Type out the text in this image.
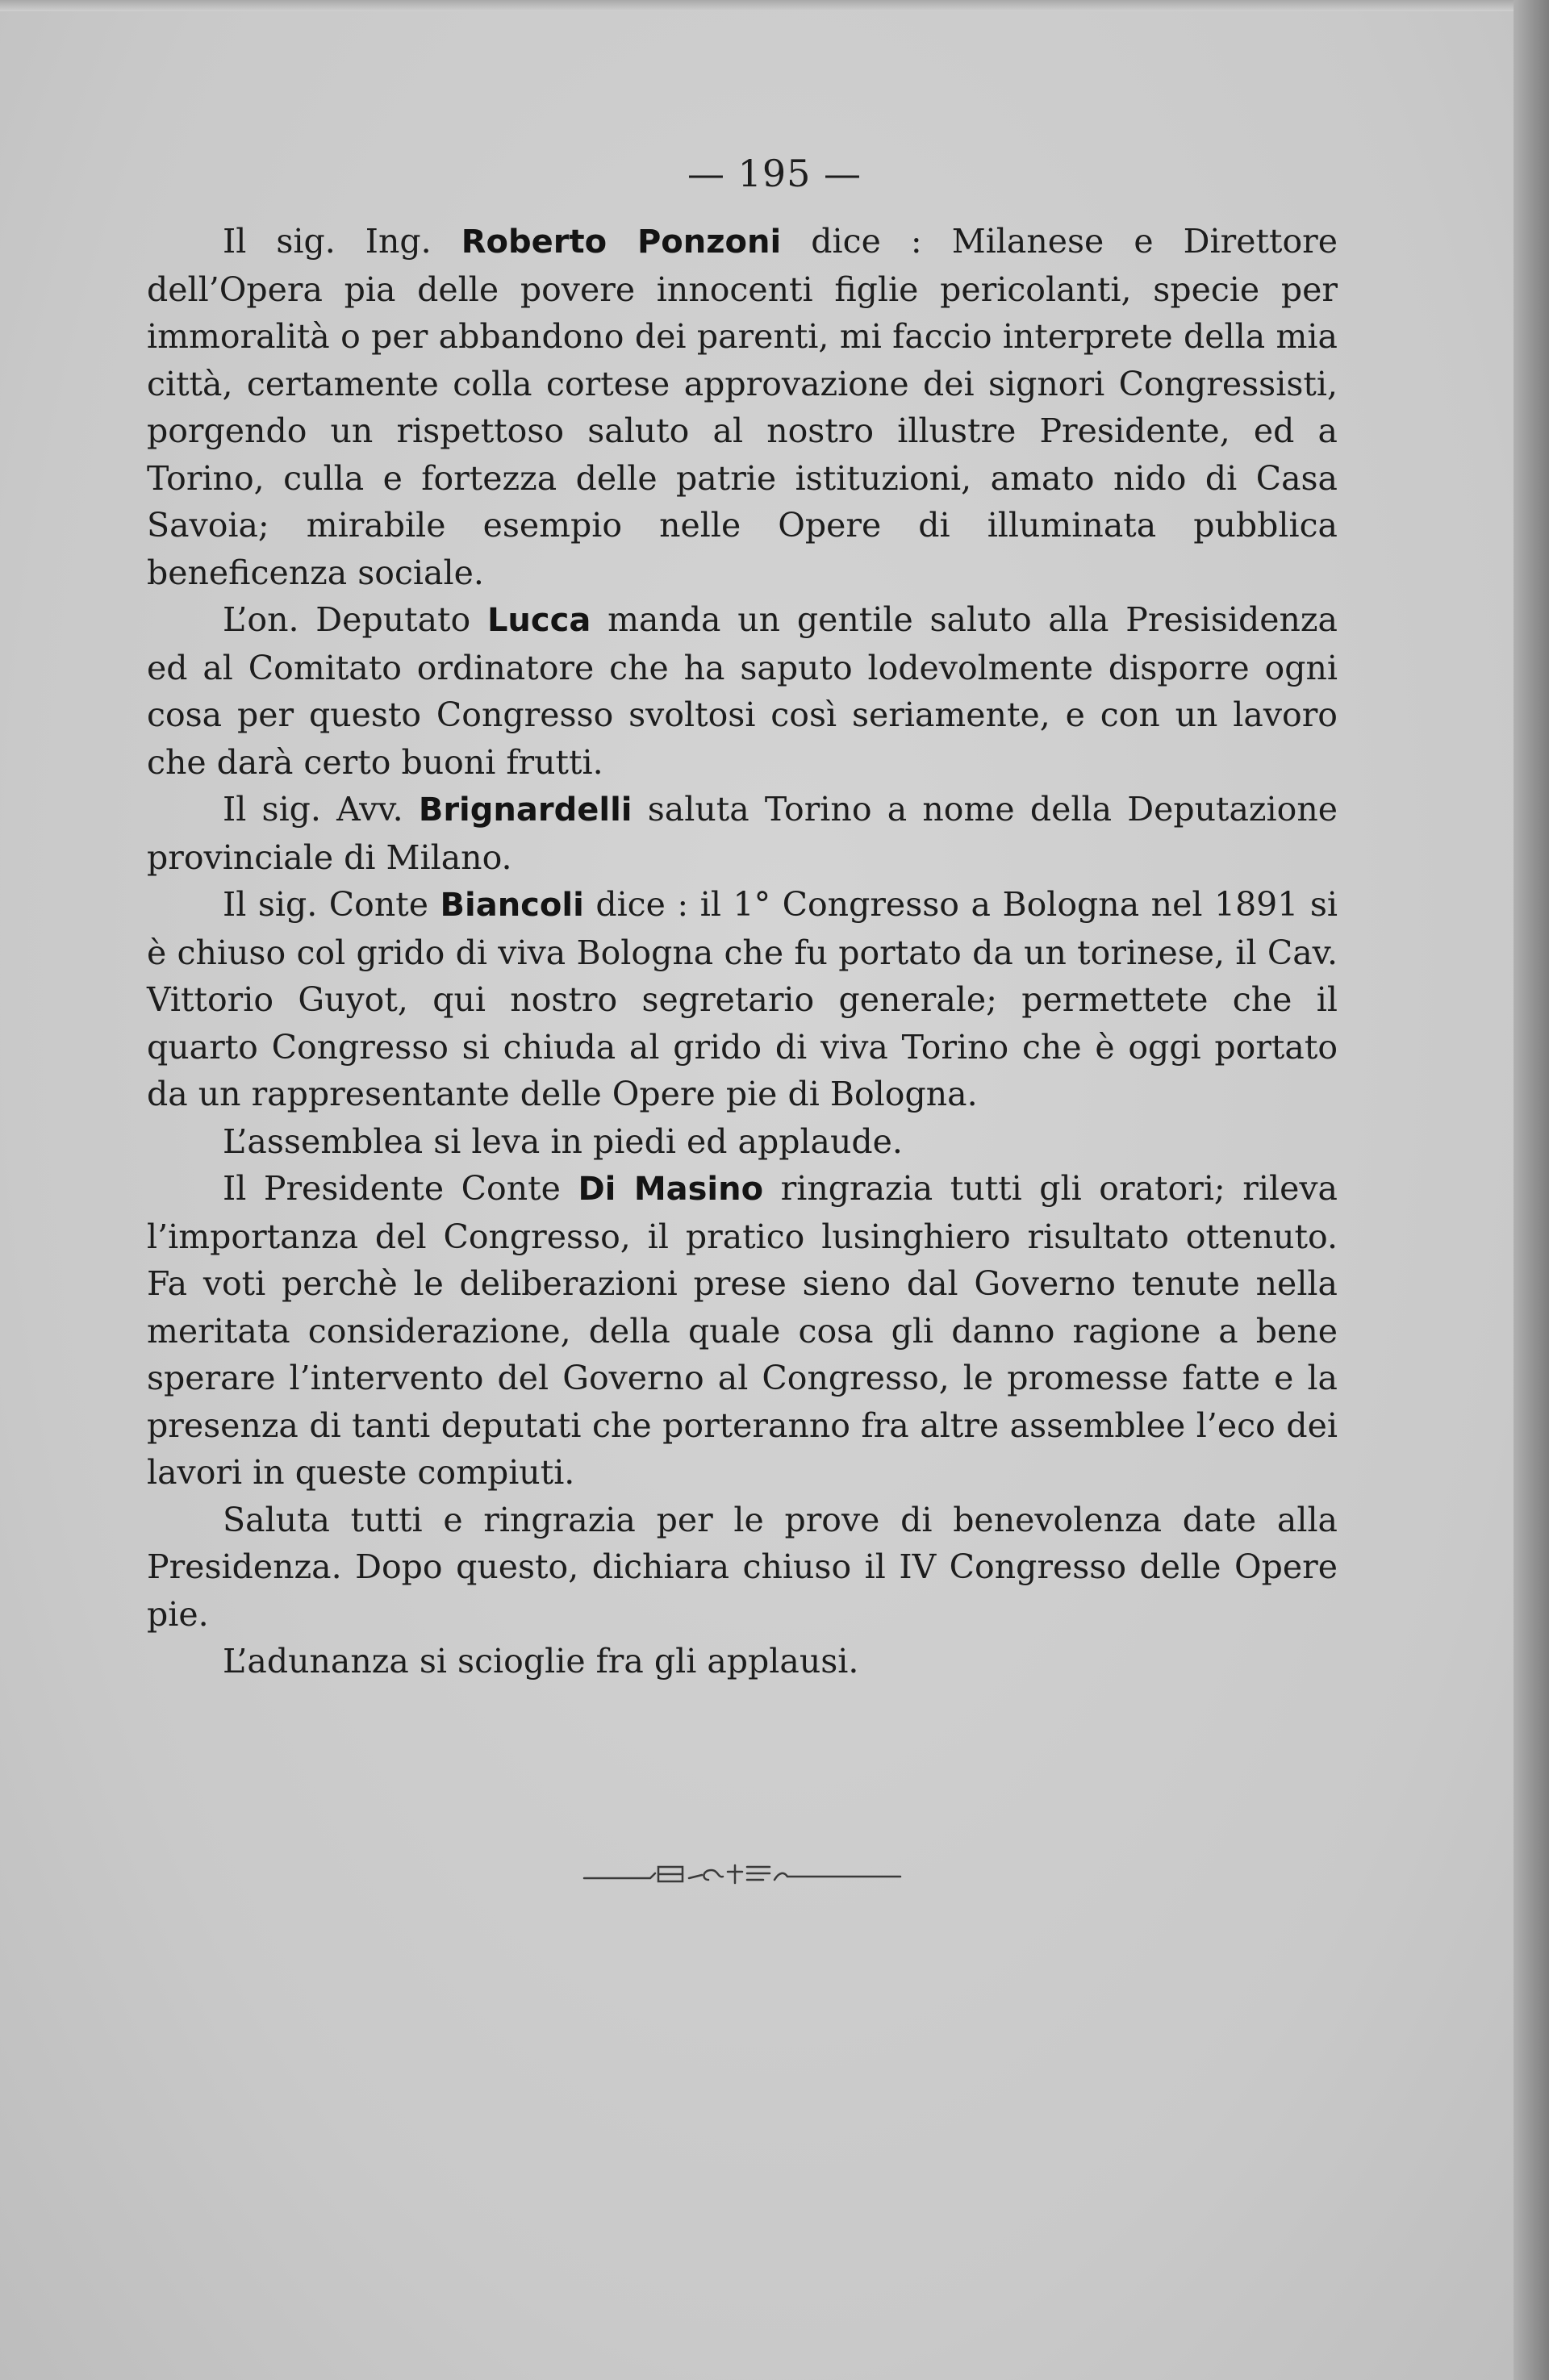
— 195 —

Il sig. Ing. Roberto Ponzoni dice : Milanese e Direttore dell’Opera pia delle povere innocenti figlie pericolanti, specie per immoralità o per abbandono dei parenti, mi faccio interprete della mia città, certamente colla cortese approvazione dei signori Congressisti, porgendo un rispettoso saluto al nostro illustre Presidente, ed a Torino, culla e fortezza delle patrie istituzioni, amato nido di Casa Savoia; mirabile esempio nelle Opere di illuminata pubblica beneficenza sociale.

L’on. Deputato Lucca manda un gentile saluto alla Presisidenza ed al Comitato ordinatore che ha saputo lodevolmente disporre ogni cosa per questo Congresso svoltosi così seriamente, e con un lavoro che darà certo buoni frutti.

Il sig. Avv. Brignardelli saluta Torino a nome della Deputazione provinciale di Milano.

Il sig. Conte Biancoli dice : il 1° Congresso a Bologna nel 1891 si è chiuso col grido di viva Bologna che fu portato da un torinese, il Cav. Vittorio Guyot, qui nostro segretario generale; permettete che il quarto Congresso si chiuda al grido di viva Torino che è oggi portato da un rappresentante delle Opere pie di Bologna.

L’assemblea si leva in piedi ed applaude.

Il Presidente Conte Di Masino ringrazia tutti gli oratori; rileva l’importanza del Congresso, il pratico lusinghiero risultato ottenuto. Fa voti perchè le deliberazioni prese sieno dal Governo tenute nella meritata considerazione, della quale cosa gli danno ragione a bene sperare l’intervento del Governo al Congresso, le promesse fatte e la presenza di tanti deputati che porteranno fra altre assemblee l’eco dei lavori in queste compiuti.

Saluta tutti e ringrazia per le prove di benevolenza date alla Presidenza. Dopo questo, dichiara chiuso il IV Congresso delle Opere pie.

L’adunanza si scioglie fra gli applausi.
